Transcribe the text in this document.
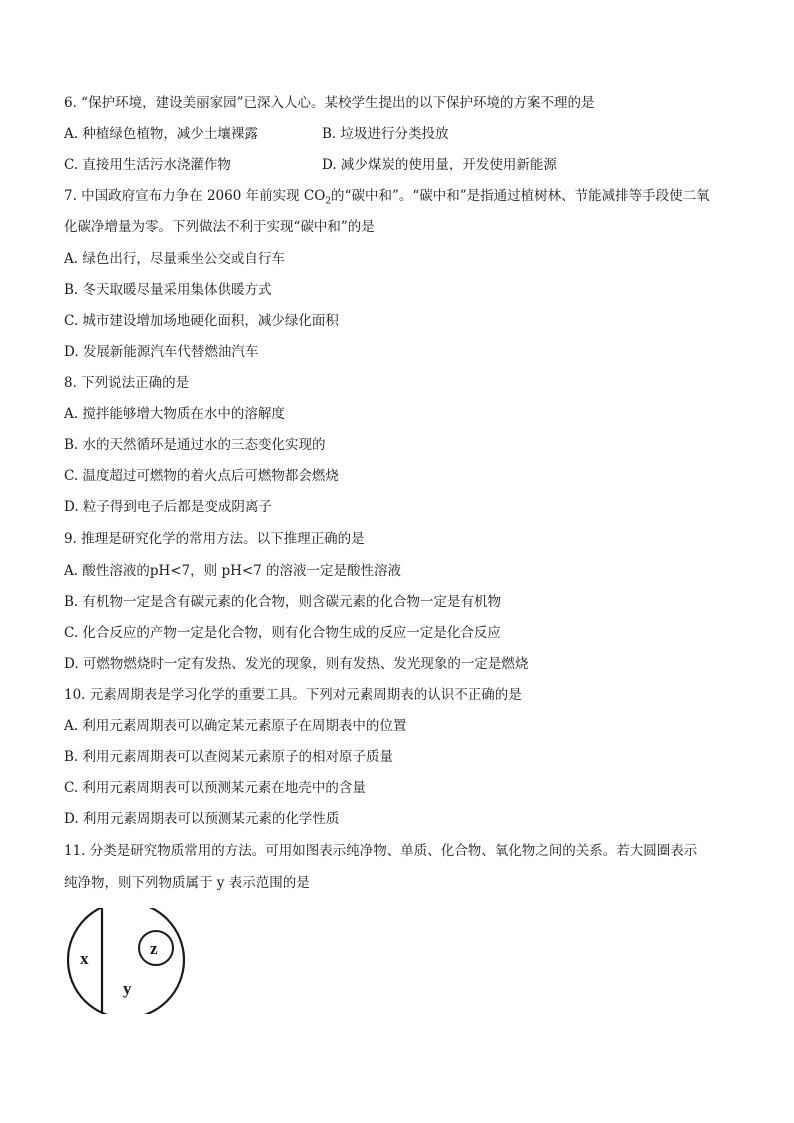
6. “保护环境，建设美丽家园”已深入人心。某校学生提出的以下保护环境的方案不理的是
A. 种植绿色植物，减少土壤裸露	B. 垃圾进行分类投放
C. 直接用生活污水浇灌作物	D. 减少煤炭的使用量，开发使用新能源
7. 中国政府宣布力争在 2060 年前实现 $CO_2$的“碳中和”。“碳中和”是指通过植树林、节能减排等手段使二氧
化碳净增量为零。下列做法不利于实现“碳中和”的是
A. 绿色出行，尽量乘坐公交或自行车
B. 冬天取暖尽量采用集体供暖方式
C. 城市建设增加场地硬化面积，减少绿化面积
D. 发展新能源汽车代替燃油汽车
8. 下列说法正确的是
A. 搅拌能够增大物质在水中的溶解度
B. 水的天然循环是通过水的三态变化实现的
C. 温度超过可燃物的着火点后可燃物都会燃烧
D. 粒子得到电子后都是变成阴离子
9. 推理是研究化学的常用方法。以下推理正确的是
A. 酸性溶液的pH<7，则 pH<7 的溶液一定是酸性溶液
B. 有机物一定是含有碳元素的化合物，则含碳元素的化合物一定是有机物
C. 化合反应的产物一定是化合物，则有化合物生成的反应一定是化合反应
D. 可燃物燃烧时一定有发热、发光的现象，则有发热、发光现象的一定是燃烧
10. 元素周期表是学习化学的重要工具。下列对元素周期表的认识不正确的是
A. 利用元素周期表可以确定某元素原子在周期表中的位置
B. 利用元素周期表可以查阅某元素原子的相对原子质量
C. 利用元素周期表可以预测某元素在地壳中的含量
D. 利用元素周期表可以预测某元素的化学性质
11. 分类是研究物质常用的方法。可用如图表示纯净物、单质、化合物、氧化物之间的关系。若大圆圈表示
纯净物，则下列物质属于 y 表示范围的是
x
y
z
